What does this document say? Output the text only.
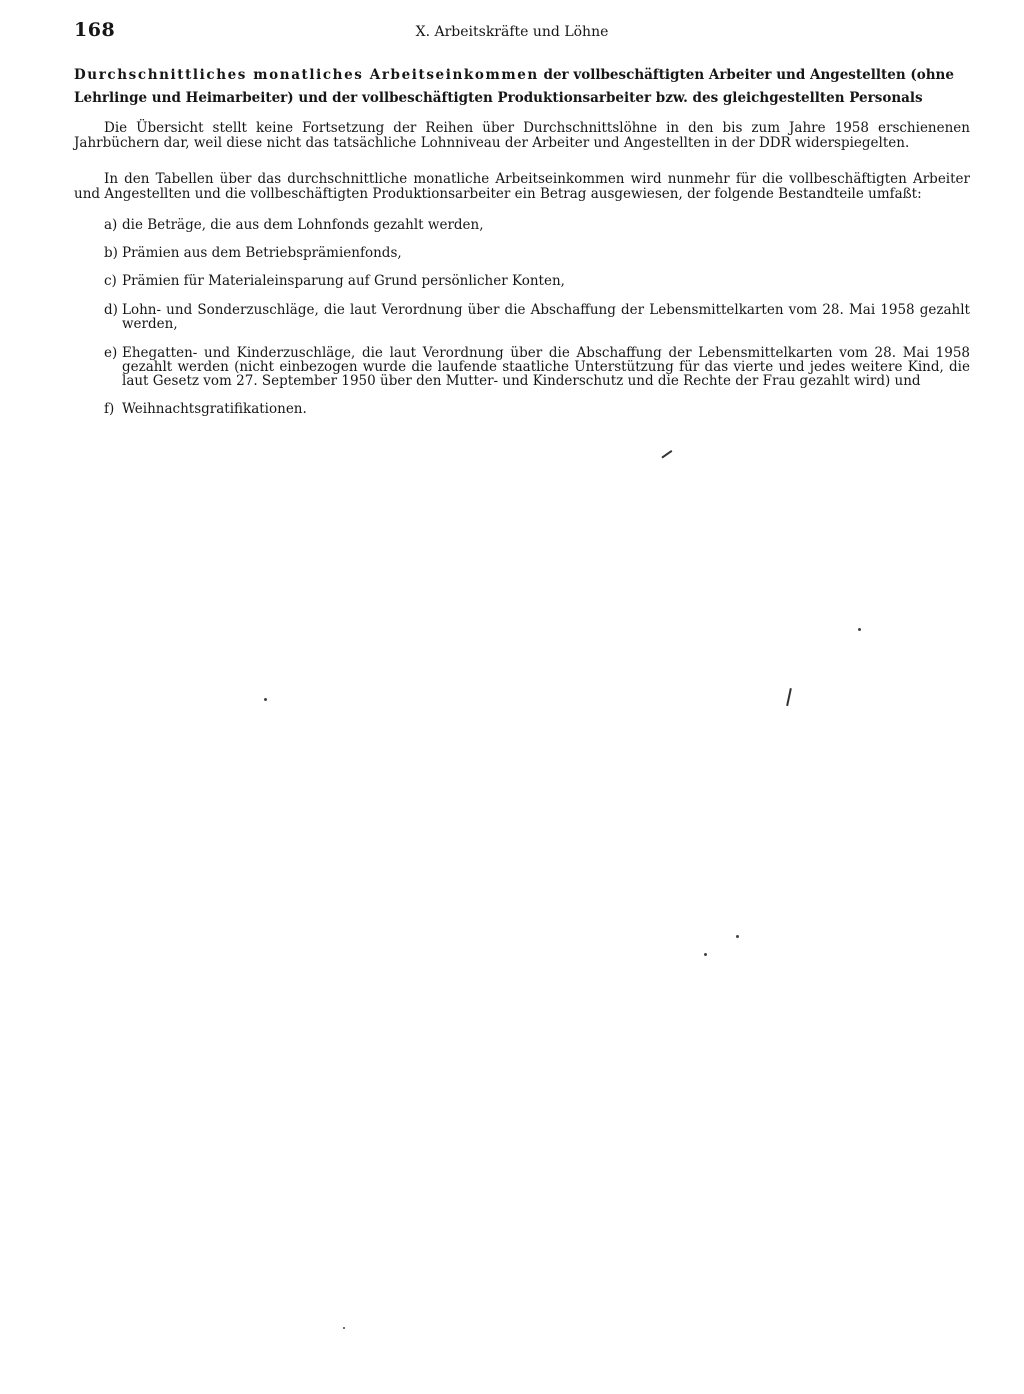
168	X. Arbeitskräfte und Löhne
Durchschnittliches monatliches Arbeitseinkommen der vollbeschäftigten Arbeiter und Angestellten (ohne Lehrlinge und Heimarbeiter) und der vollbeschäftigten Produktionsarbeiter bzw. des gleichgestellten Personals
Die Übersicht stellt keine Fortsetzung der Reihen über Durchschnittslöhne in den bis zum Jahre 1958 erschienenen Jahrbüchern dar, weil diese nicht das tatsächliche Lohnniveau der Arbeiter und Angestellten in der DDR widerspiegelten.
In den Tabellen über das durchschnittliche monatliche Arbeitseinkommen wird nunmehr für die vollbeschäftigten Arbeiter und Angestellten und die vollbeschäftigten Produktionsarbeiter ein Betrag ausgewiesen, der folgende Bestandteile umfaßt:
a) die Beträge, die aus dem Lohnfonds gezahlt werden,
b) Prämien aus dem Betriebsprämienfonds,
c) Prämien für Materialeinsparung auf Grund persönlicher Konten,
d) Lohn- und Sonderzuschläge, die laut Verordnung über die Abschaffung der Lebensmittelkarten vom 28. Mai 1958 gezahlt werden,
e) Ehegatten- und Kinderzuschläge, die laut Verordnung über die Abschaffung der Lebensmittelkarten vom 28. Mai 1958 gezahlt werden (nicht einbezogen wurde die laufende staatliche Unterstützung für das vierte und jedes weitere Kind, die laut Gesetz vom 27. September 1950 über den Mutter- und Kinderschutz und die Rechte der Frau gezahlt wird) und
f) Weihnachtsgratifikationen.
